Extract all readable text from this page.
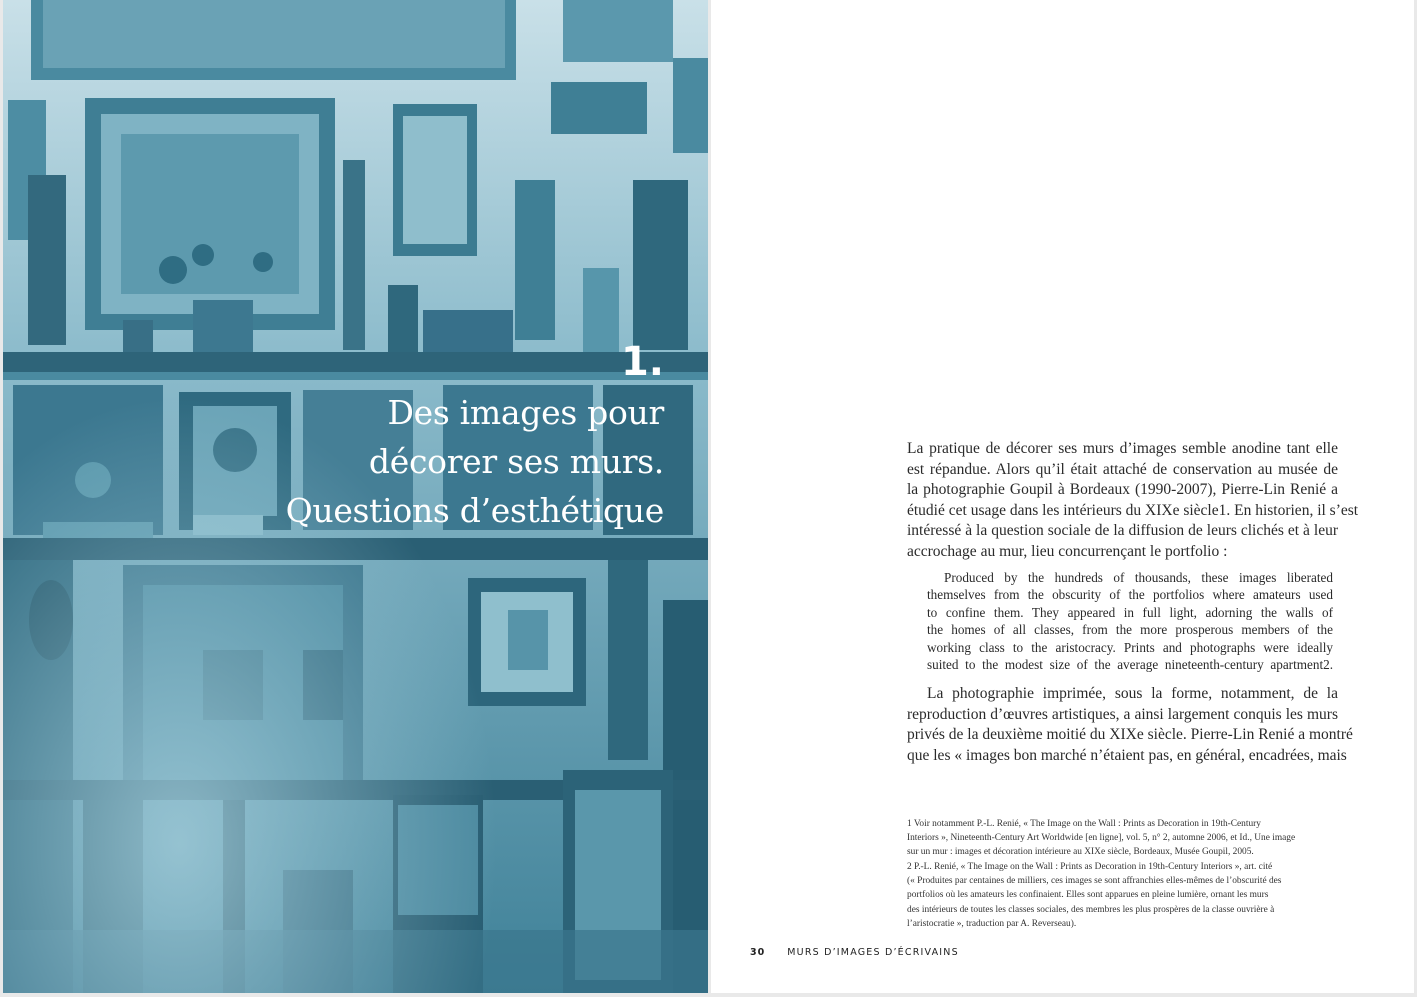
1.
Des images pour
décorer ses murs.
Questions d’esthétique
La pratique de décorer ses murs d’images semble anodine tant elle
est répandue. Alors qu’il était attaché de conservation au musée de
la photographie Goupil à Bordeaux (1990-2007), Pierre-Lin Renié a
étudié cet usage dans les intérieurs du XIXe siècle1. En historien, il s’est
intéressé à la question sociale de la diffusion de leurs clichés et à leur
accrochage au mur, lieu concurrençant le portfolio :
Produced by the hundreds of thousands, these images liberated
themselves from the obscurity of the portfolios where amateurs used
to confine them. They appeared in full light, adorning the walls of
the homes of all classes, from the more prosperous members of the
working class to the aristocracy. Prints and photographs were ideally
suited to the modest size of the average nineteenth-century apartment2.
La photographie imprimée, sous la forme, notamment, de la
reproduction d’œuvres artistiques, a ainsi largement conquis les murs
privés de la deuxième moitié du XIXe siècle. Pierre-Lin Renié a montré
que les « images bon marché n’étaient pas, en général, encadrées, mais
1 Voir notamment P.-L. Renié, « The Image on the Wall : Prints as Decoration in 19th-Century
Interiors », Nineteenth-Century Art Worldwide [en ligne], vol. 5, n° 2, automne 2006, et Id., Une image
sur un mur : images et décoration intérieure au XIXe siècle, Bordeaux, Musée Goupil, 2005.
2 P.-L. Renié, « The Image on the Wall : Prints as Decoration in 19th-Century Interiors », art. cité
(« Produites par centaines de milliers, ces images se sont affranchies elles-mêmes de l’obscurité des
portfolios où les amateurs les confinaient. Elles sont apparues en pleine lumière, ornant les murs
des intérieurs de toutes les classes sociales, des membres les plus prospères de la classe ouvrière à
l’aristocratie », traduction par A. Reverseau).
30 MURS D’IMAGES D’ÉCRIVAINS
